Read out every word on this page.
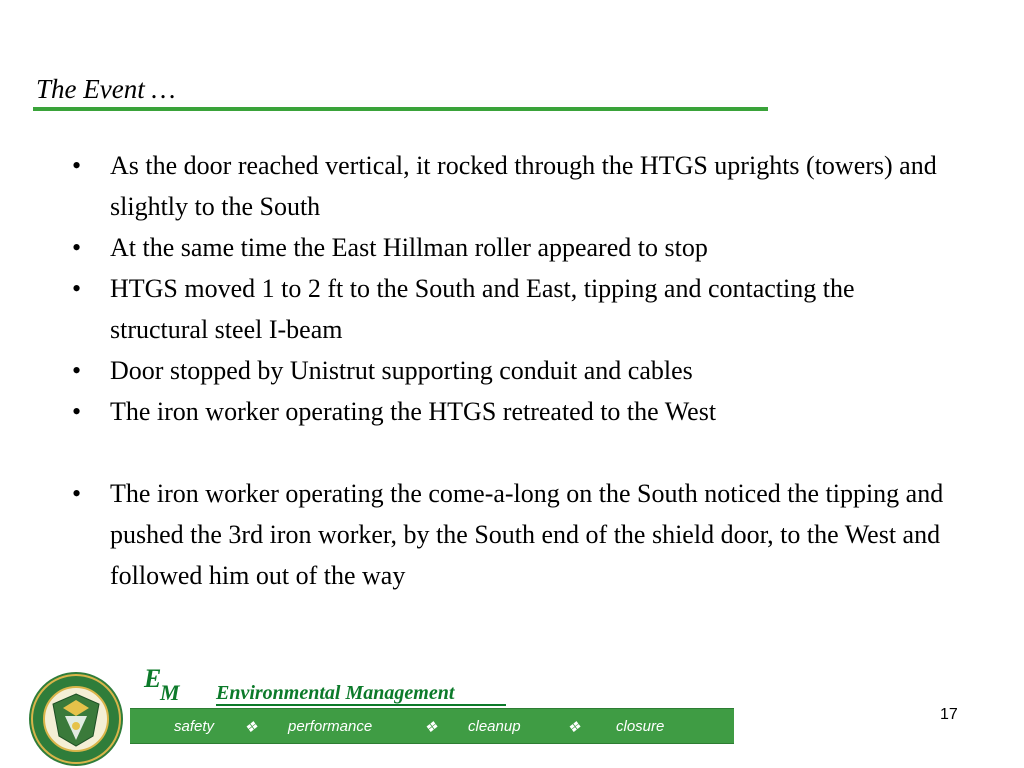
The Event …
• As the door reached vertical, it rocked through the HTGS uprights (towers) and slightly to the South
• At the same time the East Hillman roller appeared to stop
• HTGS moved 1 to 2 ft to the South and East, tipping and contacting the structural steel I-beam
• Door stopped by Unistrut supporting conduit and cables
• The iron worker operating the HTGS retreated to the West
• The iron worker operating the come-a-long on the South noticed the tipping and pushed the 3rd iron worker, by the South end of the shield door, to the West and followed him out of the way
E
M Environmental Management
safety ❖ performance	❖ cleanup	❖ closure
17
